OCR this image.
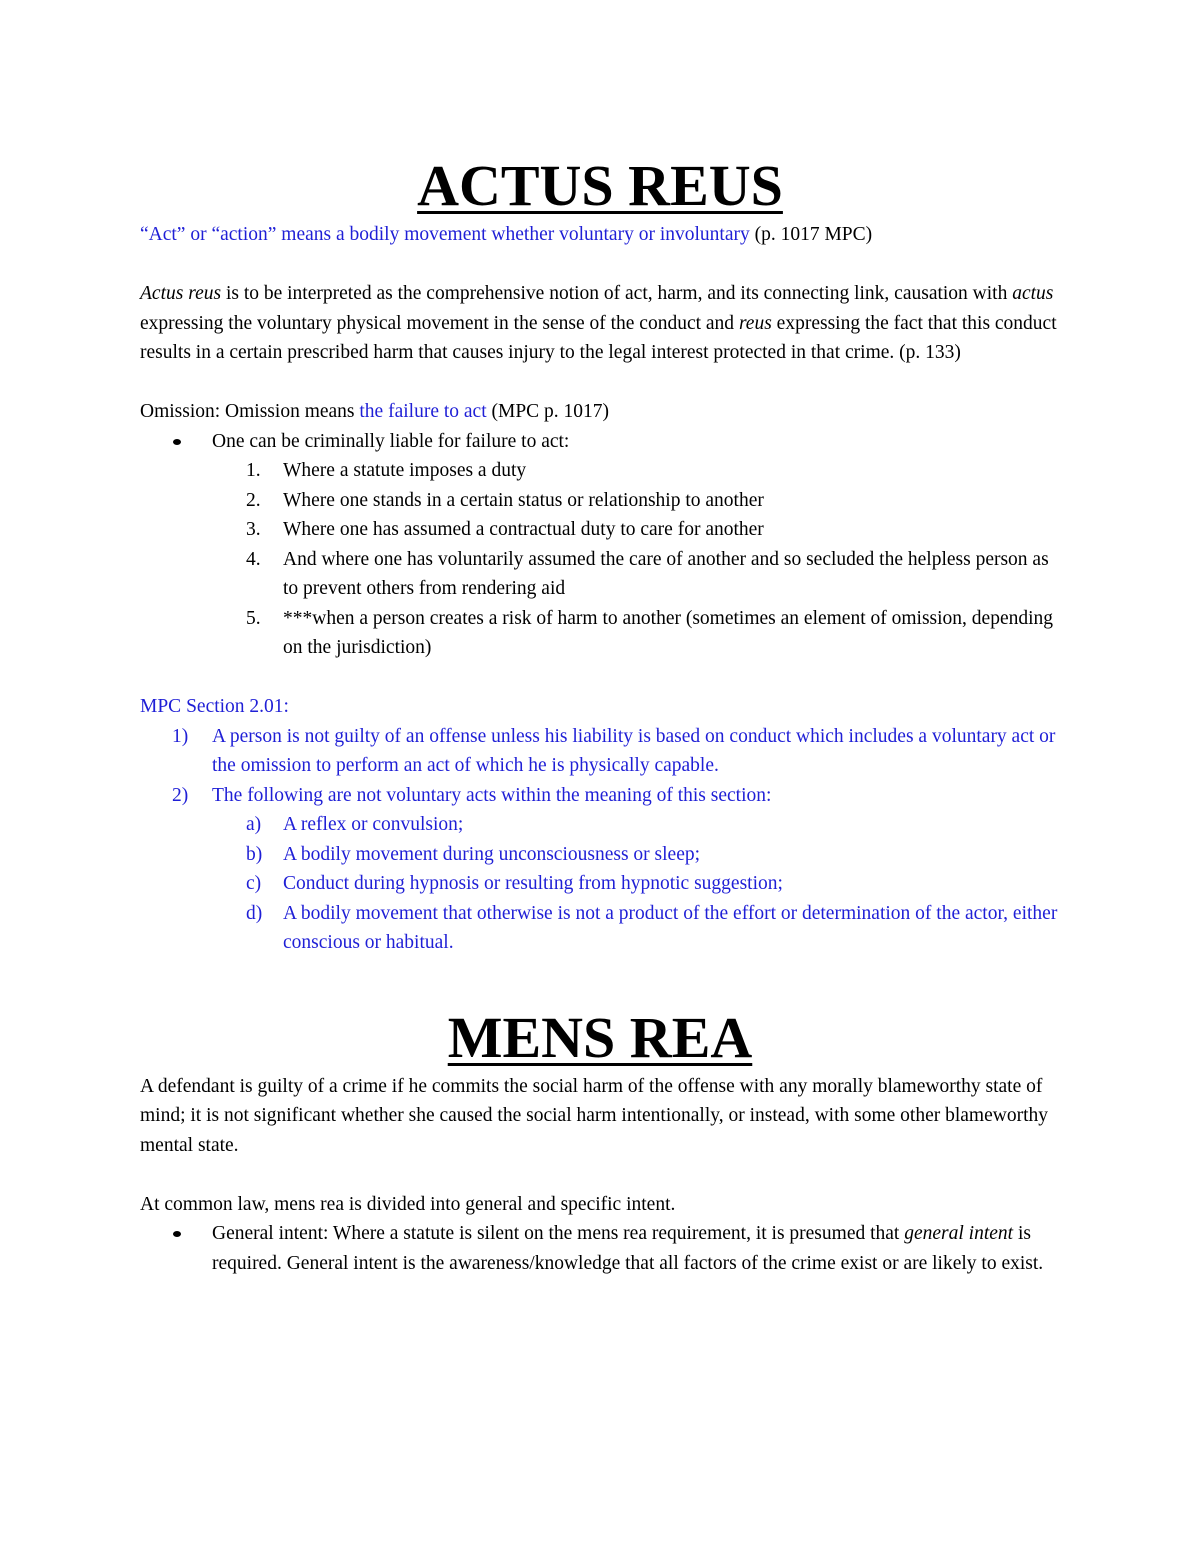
ACTUS REUS

“Act” or “action” means a bodily movement whether voluntary or involuntary (p. 1017 MPC)

Actus reus is to be interpreted as the comprehensive notion of act, harm, and its connecting link, causation with actus expressing the voluntary physical movement in the sense of the conduct and reus expressing the fact that this conduct results in a certain prescribed harm that causes injury to the legal interest protected in that crime. (p. 133)

Omission: Omission means the failure to act (MPC p. 1017)

One can be criminally liable for failure to act:
1. Where a statute imposes a duty
2. Where one stands in a certain status or relationship to another
3. Where one has assumed a contractual duty to care for another
4. And where one has voluntarily assumed the care of another and so secluded the helpless person as to prevent others from rendering aid
5. ***when a person creates a risk of harm to another (sometimes an element of omission, depending on the jurisdiction)

MPC Section 2.01:

1) A person is not guilty of an offense unless his liability is based on conduct which includes a voluntary act or the omission to perform an act of which he is physically capable.
2) The following are not voluntary acts within the meaning of this section:
a) A reflex or convulsion;
b) A bodily movement during unconsciousness or sleep;
c) Conduct during hypnosis or resulting from hypnotic suggestion;
d) A bodily movement that otherwise is not a product of the effort or determination of the actor, either conscious or habitual.
MENS REA

A defendant is guilty of a crime if he commits the social harm of the offense with any morally blameworthy state of mind; it is not significant whether she caused the social harm intentionally, or instead, with some other blameworthy mental state.

At common law, mens rea is divided into general and specific intent.

General intent: Where a statute is silent on the mens rea requirement, it is presumed that general intent is required. General intent is the awareness/knowledge that all factors of the crime exist or are likely to exist.
